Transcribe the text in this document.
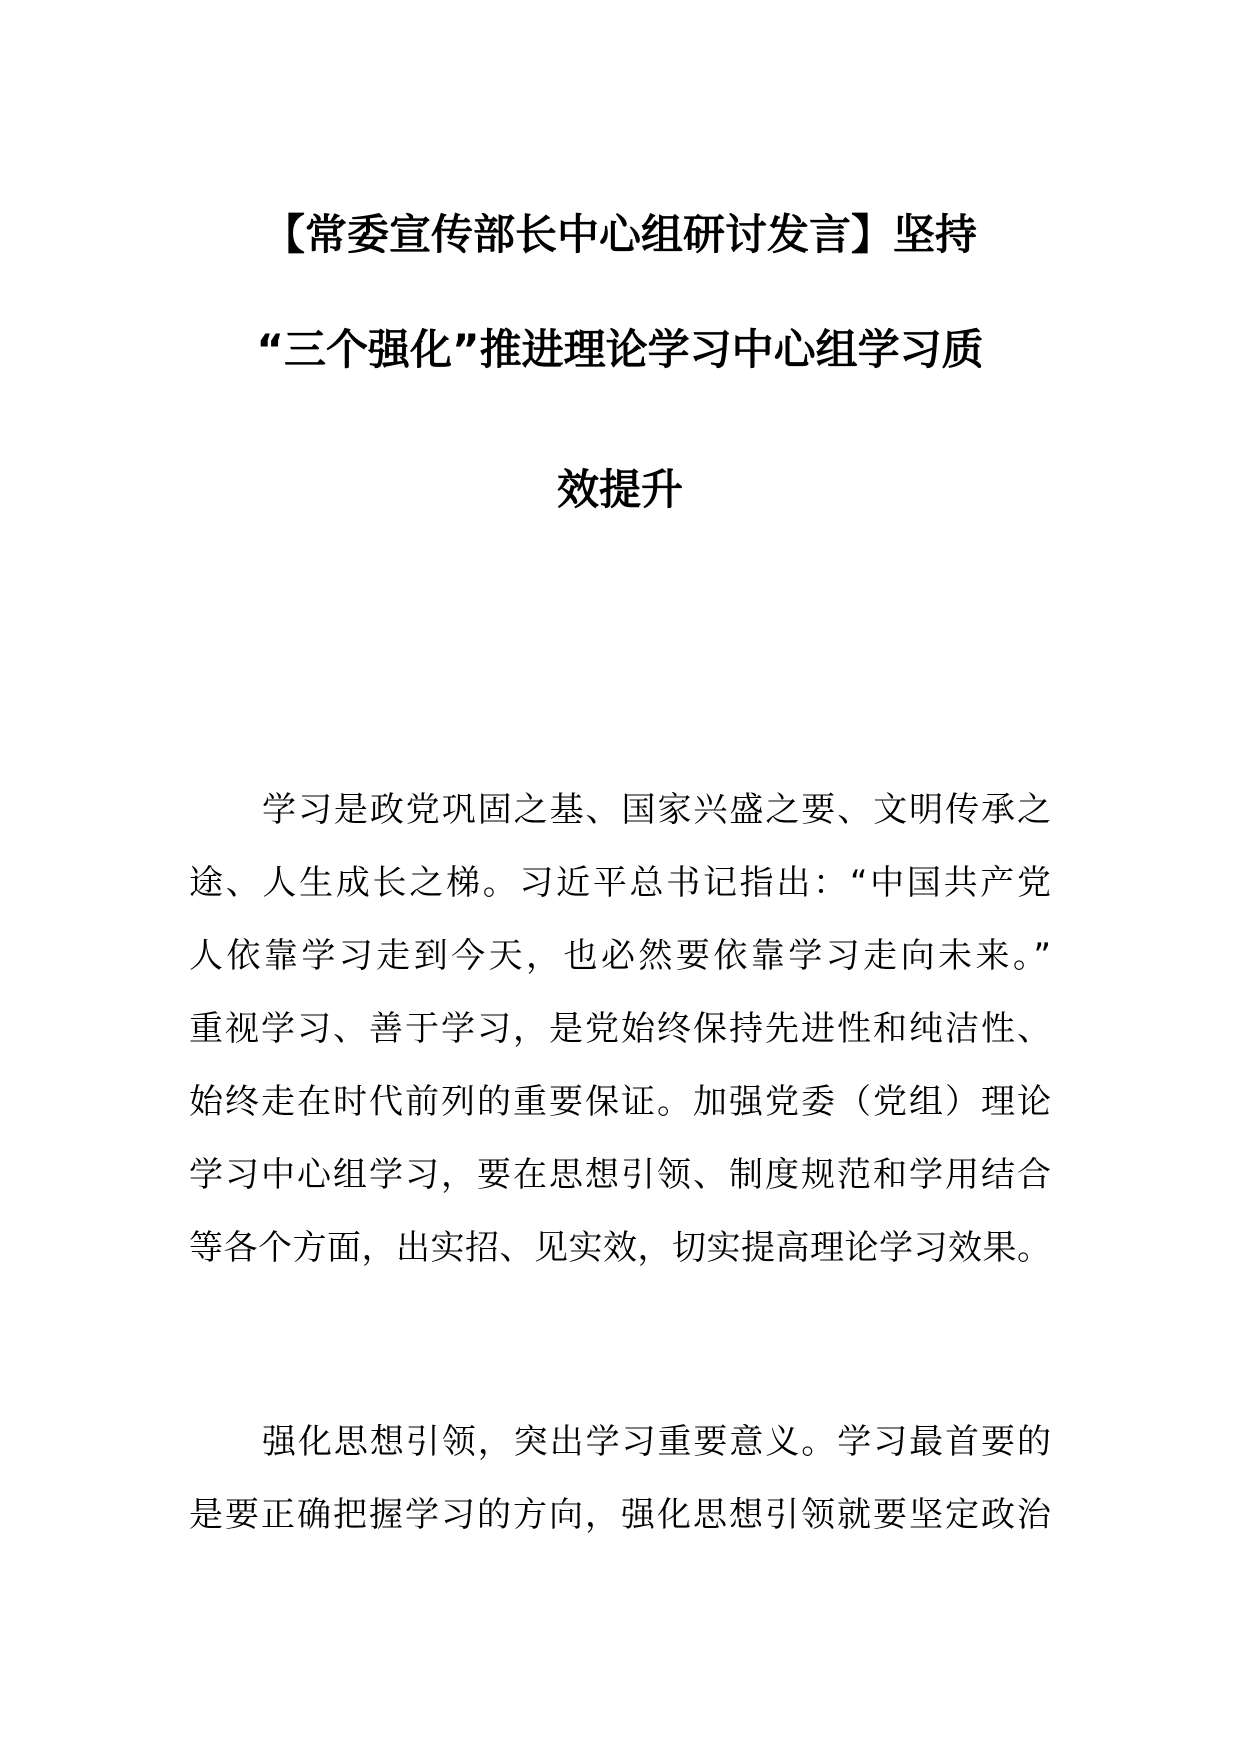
【常委宣传部长中心组研讨发言】坚持
“三个强化”推进理论学习中心组学习质
效提升
学习是政党巩固之基、国家兴盛之要、文明传承之
途、人生成长之梯。习近平总书记指出：“中国共产党
人依靠学习走到今天，也必然要依靠学习走向未来。”
重视学习、善于学习，是党始终保持先进性和纯洁性、
始终走在时代前列的重要保证。加强党委（党组）理论
学习中心组学习，要在思想引领、制度规范和学用结合
等各个方面，出实招、见实效，切实提高理论学习效果。
强化思想引领，突出学习重要意义。学习最首要的
是要正确把握学习的方向，强化思想引领就要坚定政治
